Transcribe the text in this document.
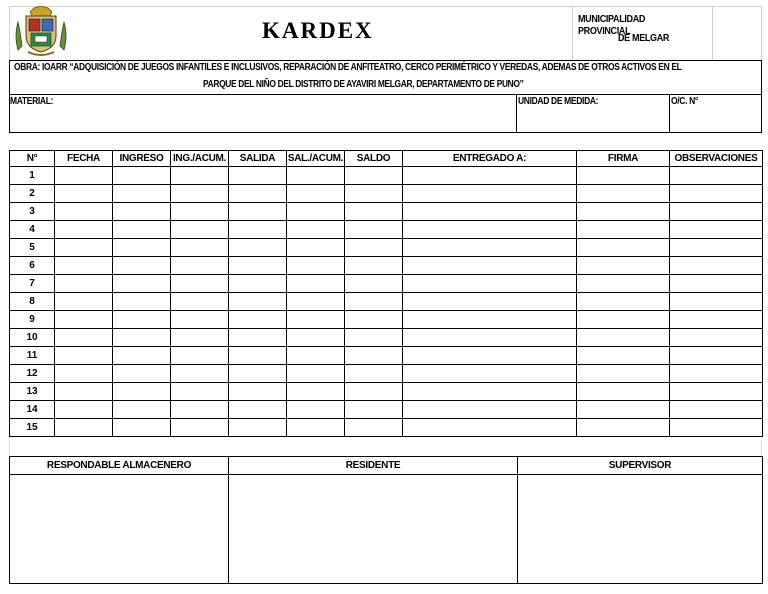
KARDEX	MUNICIPALIDAD PROVINCIAL
DE MELGAR
OBRA: IOARR “ADQUISICIÓN DE JUEGOS INFANTILES E INCLUSIVOS, REPARACIÓN DE ANFITEATRO, CERCO PERIMÉTRICO Y VEREDAS, ADEMAS DE OTROS ACTIVOS EN EL
PARQUE DEL NIÑO DEL DISTRITO DE AYAVIRI MELGAR, DEPARTAMENTO DE PUNO”
MATERIAL:	UNIDAD DE MEDIDA:	O/C. N°
N°	FECHA	INGRESO	ING./ACUM.	SALIDA	SAL./ACUM.	SALDO	ENTREGADO A:	FIRMA	OBSERVACIONES
1									
2									
3									
4									
5									
6									
7									
8									
9									
10									
11									
12									
13									
14									
15									
RESPONDABLE ALMACENERO	RESIDENTE	SUPERVISOR
